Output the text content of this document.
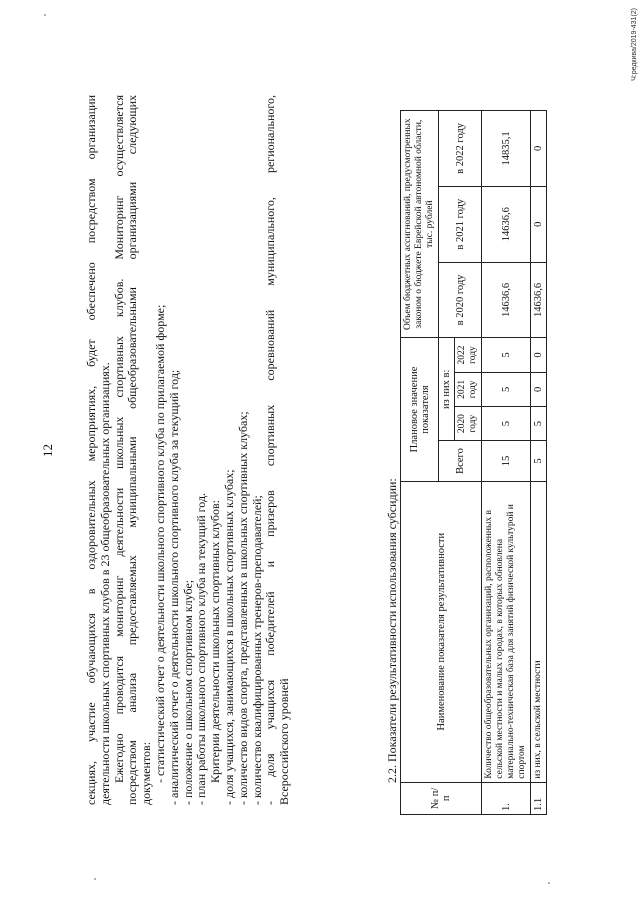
12 секциях, участие обучающихся в оздоровительных мероприятиях, будет обеспечено посредством организации деятельности школьных спортивных клубов в 23 общеобразовательных организациях. Ежегодно проводится мониторинг деятельности школьных спортивных клубов. Мониторинг осуществляется посредством анализа предоставляемых муниципальными общеобразовательными организациями следующих документов: - статистический отчет о деятельности школьного спортивного клуба по прилагаемой форме; - аналитический отчет о деятельности школьного спортивного клуба за текущий год; - положение о школьном спортивном клубе; - план работы школьного спортивного клуба на текущий год. Критерии деятельности школьных спортивных клубов: - доля учащихся, занимающихся в школьных спортивных клубах; - количество видов спорта, представленных в школьных спортивных клубах; - количество квалифицированных тренеров-преподавателей; - доля учащихся победителей и призеров спортивных соревнований муниципального, регионального, Всероссийского уровней	2.2. Показатели результативности использования субсидии:
№ п/п	Наименование показателя результативности	Плановое значение показателя				Объем бюджетных ассигнований, предусмотренных законом о бюджете Еврейской автономной области, тыс. рублей		
		Всего	из них в:			в 2020 году	в 2021 году	в 2022 году
			2020 году	2021 году	2022 году			
1.	Количество общеобразовательных организаций, расположенных в сельской местности и малых городах, в которых обновлена материально-техническая база для занятий физической культурой и спортом	15	5	5	5	14636,6	14636,6	14835,1
1.1	из них, в сельской местности	5	5	0	0	14636,6	0	0
Ч:редкива/2019-431(2)
